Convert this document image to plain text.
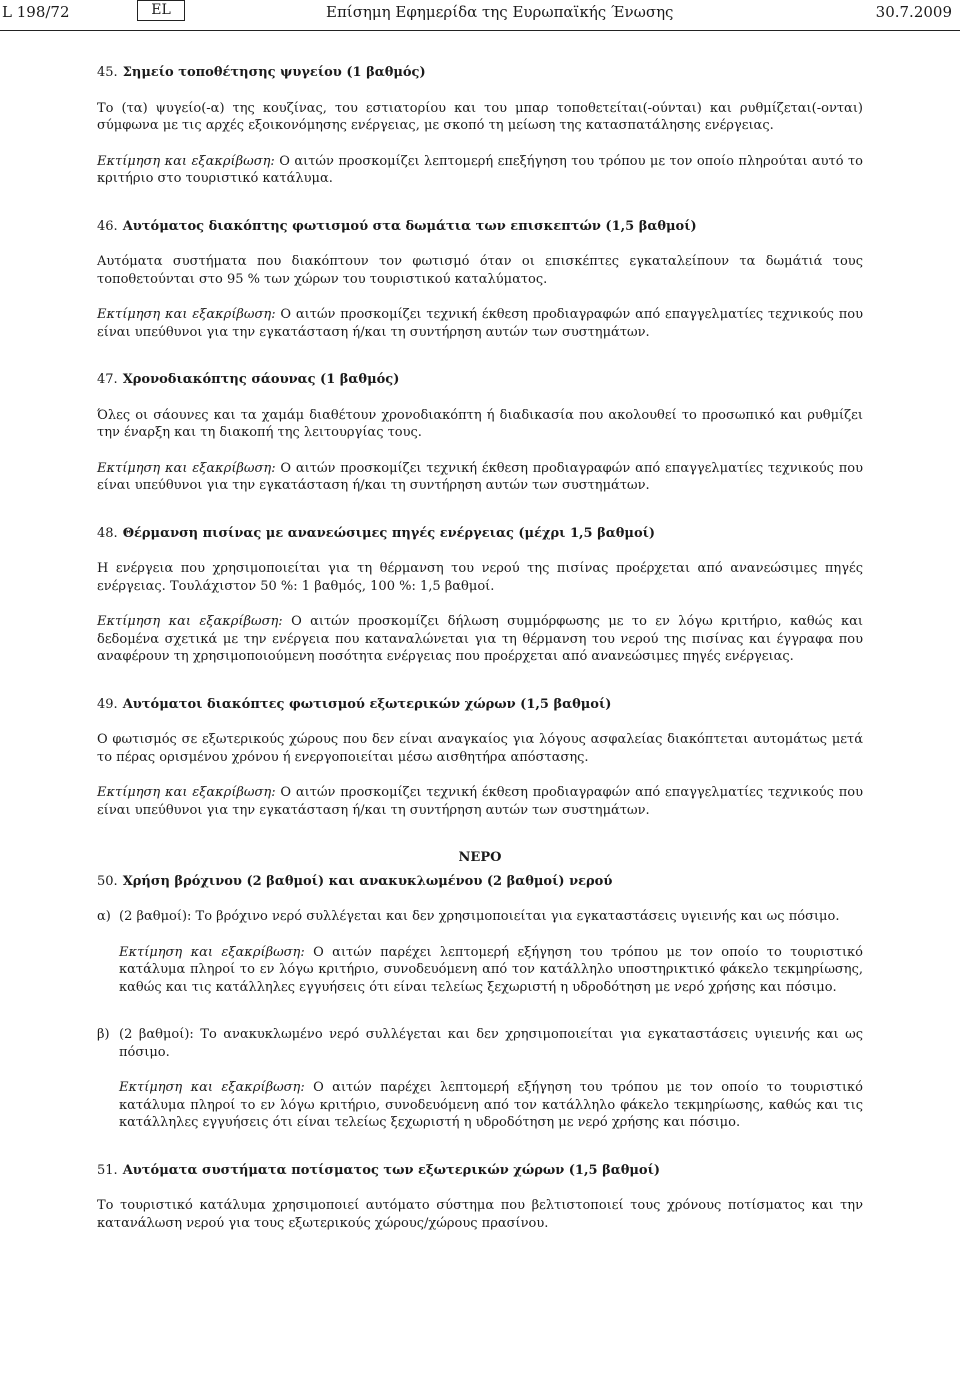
L 198/72	EL	Επίσημη Εφημερίδα της Ευρωπαϊκής Ένωσης	30.7.2009

45. Σημείο τοποθέτησης ψυγείου (1 βαθμός)

Το (τα) ψυγείο(-α) της κουζίνας, του εστιατορίου και του μπαρ τοποθετείται(-ούνται) και ρυθμίζεται(-ονται) σύμφωνα με τις αρχές εξοικονόμησης ενέργειας, με σκοπό τη μείωση της κατασπατάλησης ενέργειας.

Εκτίμηση και εξακρίβωση: Ο αιτών προσκομίζει λεπτομερή επεξήγηση του τρόπου με τον οποίο πληρούται αυτό το κριτήριο στο τουριστικό κατάλυμα.

46. Αυτόματος διακόπτης φωτισμού στα δωμάτια των επισκεπτών (1,5 βαθμοί)

Αυτόματα συστήματα που διακόπτουν τον φωτισμό όταν οι επισκέπτες εγκαταλείπουν τα δωμάτιά τους τοποθετούνται στο 95 % των χώρων του τουριστικού καταλύματος.

Εκτίμηση και εξακρίβωση: Ο αιτών προσκομίζει τεχνική έκθεση προδιαγραφών από επαγγελματίες τεχνικούς που είναι υπεύθυνοι για την εγκατάσταση ή/και τη συντήρηση αυτών των συστημάτων.

47. Χρονοδιακόπτης σάουνας (1 βαθμός)

Όλες οι σάουνες και τα χαμάμ διαθέτουν χρονοδιακόπτη ή διαδικασία που ακολουθεί το προσωπικό και ρυθμίζει την έναρξη και τη διακοπή της λειτουργίας τους.

Εκτίμηση και εξακρίβωση: Ο αιτών προσκομίζει τεχνική έκθεση προδιαγραφών από επαγγελματίες τεχνικούς που είναι υπεύθυνοι για την εγκατάσταση ή/και τη συντήρηση αυτών των συστημάτων.

48. Θέρμανση πισίνας με ανανεώσιμες πηγές ενέργειας (μέχρι 1,5 βαθμοί)

Η ενέργεια που χρησιμοποιείται για τη θέρμανση του νερού της πισίνας προέρχεται από ανανεώσιμες πηγές ενέργειας. Τουλάχιστον 50 %: 1 βαθμός, 100 %: 1,5 βαθμοί.

Εκτίμηση και εξακρίβωση: Ο αιτών προσκομίζει δήλωση συμμόρφωσης με το εν λόγω κριτήριο, καθώς και δεδομένα σχετικά με την ενέργεια που καταναλώνεται για τη θέρμανση του νερού της πισίνας και έγγραφα που αναφέρουν τη χρησιμοποιούμενη ποσότητα ενέργειας που προέρχεται από ανανεώσιμες πηγές ενέργειας.

49. Αυτόματοι διακόπτες φωτισμού εξωτερικών χώρων (1,5 βαθμοί)

Ο φωτισμός σε εξωτερικούς χώρους που δεν είναι αναγκαίος για λόγους ασφαλείας διακόπτεται αυτομάτως μετά το πέρας ορισμένου χρόνου ή ενεργοποιείται μέσω αισθητήρα απόστασης.

Εκτίμηση και εξακρίβωση: Ο αιτών προσκομίζει τεχνική έκθεση προδιαγραφών από επαγγελματίες τεχνικούς που είναι υπεύθυνοι για την εγκατάσταση ή/και τη συντήρηση αυτών των συστημάτων.

ΝΕΡΟ

50. Χρήση βρόχινου (2 βαθμοί) και ανακυκλωμένου (2 βαθμοί) νερού

α) (2 βαθμοί): Το βρόχινο νερό συλλέγεται και δεν χρησιμοποιείται για εγκαταστάσεις υγιεινής και ως πόσιμο.

Εκτίμηση και εξακρίβωση: Ο αιτών παρέχει λεπτομερή εξήγηση του τρόπου με τον οποίο το τουριστικό κατάλυμα πληροί το εν λόγω κριτήριο, συνοδευόμενη από τον κατάλληλο υποστηρικτικό φάκελο τεκμηρίωσης, καθώς και τις κατάλληλες εγγυήσεις ότι είναι τελείως ξεχωριστή η υδροδότηση με νερό χρήσης και πόσιμο.

β) (2 βαθμοί): Το ανακυκλωμένο νερό συλλέγεται και δεν χρησιμοποιείται για εγκαταστάσεις υγιεινής και ως πόσιμο.

Εκτίμηση και εξακρίβωση: Ο αιτών παρέχει λεπτομερή εξήγηση του τρόπου με τον οποίο το τουριστικό κατάλυμα πληροί το εν λόγω κριτήριο, συνοδευόμενη από τον κατάλληλο φάκελο τεκμηρίωσης, καθώς και τις κατάλληλες εγγυήσεις ότι είναι τελείως ξεχωριστή η υδροδότηση με νερό χρήσης και πόσιμο.

51. Αυτόματα συστήματα ποτίσματος των εξωτερικών χώρων (1,5 βαθμοί)

Το τουριστικό κατάλυμα χρησιμοποιεί αυτόματο σύστημα που βελτιστοποιεί τους χρόνους ποτίσματος και την κατανάλωση νερού για τους εξωτερικούς χώρους/χώρους πρασίνου.
